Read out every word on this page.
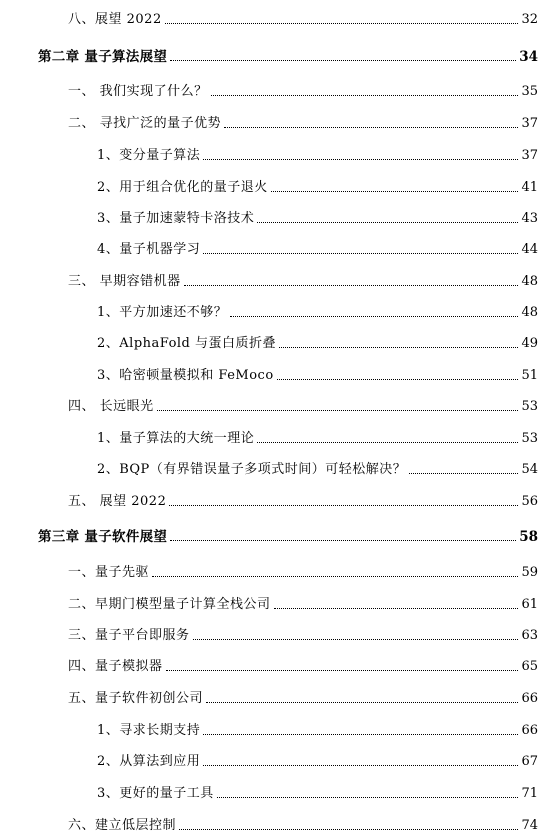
八、展望 2022	32
第二章 量子算法展望	34
一、 我们实现了什么？	35
二、 寻找广泛的量子优势	37
1、变分量子算法	37
2、用于组合优化的量子退火	41
3、量子加速蒙特卡洛技术	43
4、量子机器学习	44
三、 早期容错机器	48
1、平方加速还不够？	48
2、AlphaFold 与蛋白质折叠	49
3、哈密顿量模拟和 FeMoco	51
四、 长远眼光	53
1、量子算法的大统一理论	53
2、BQP（有界错误量子多项式时间）可轻松解决？	54
五、 展望 2022	56
第三章 量子软件展望	58
一、量子先驱	59
二、早期门模型量子计算全栈公司	61
三、量子平台即服务	63
四、量子模拟器	65
五、量子软件初创公司	66
1、寻求长期支持	66
2、从算法到应用	67
3、更好的量子工具	71
六、建立低层控制	74
